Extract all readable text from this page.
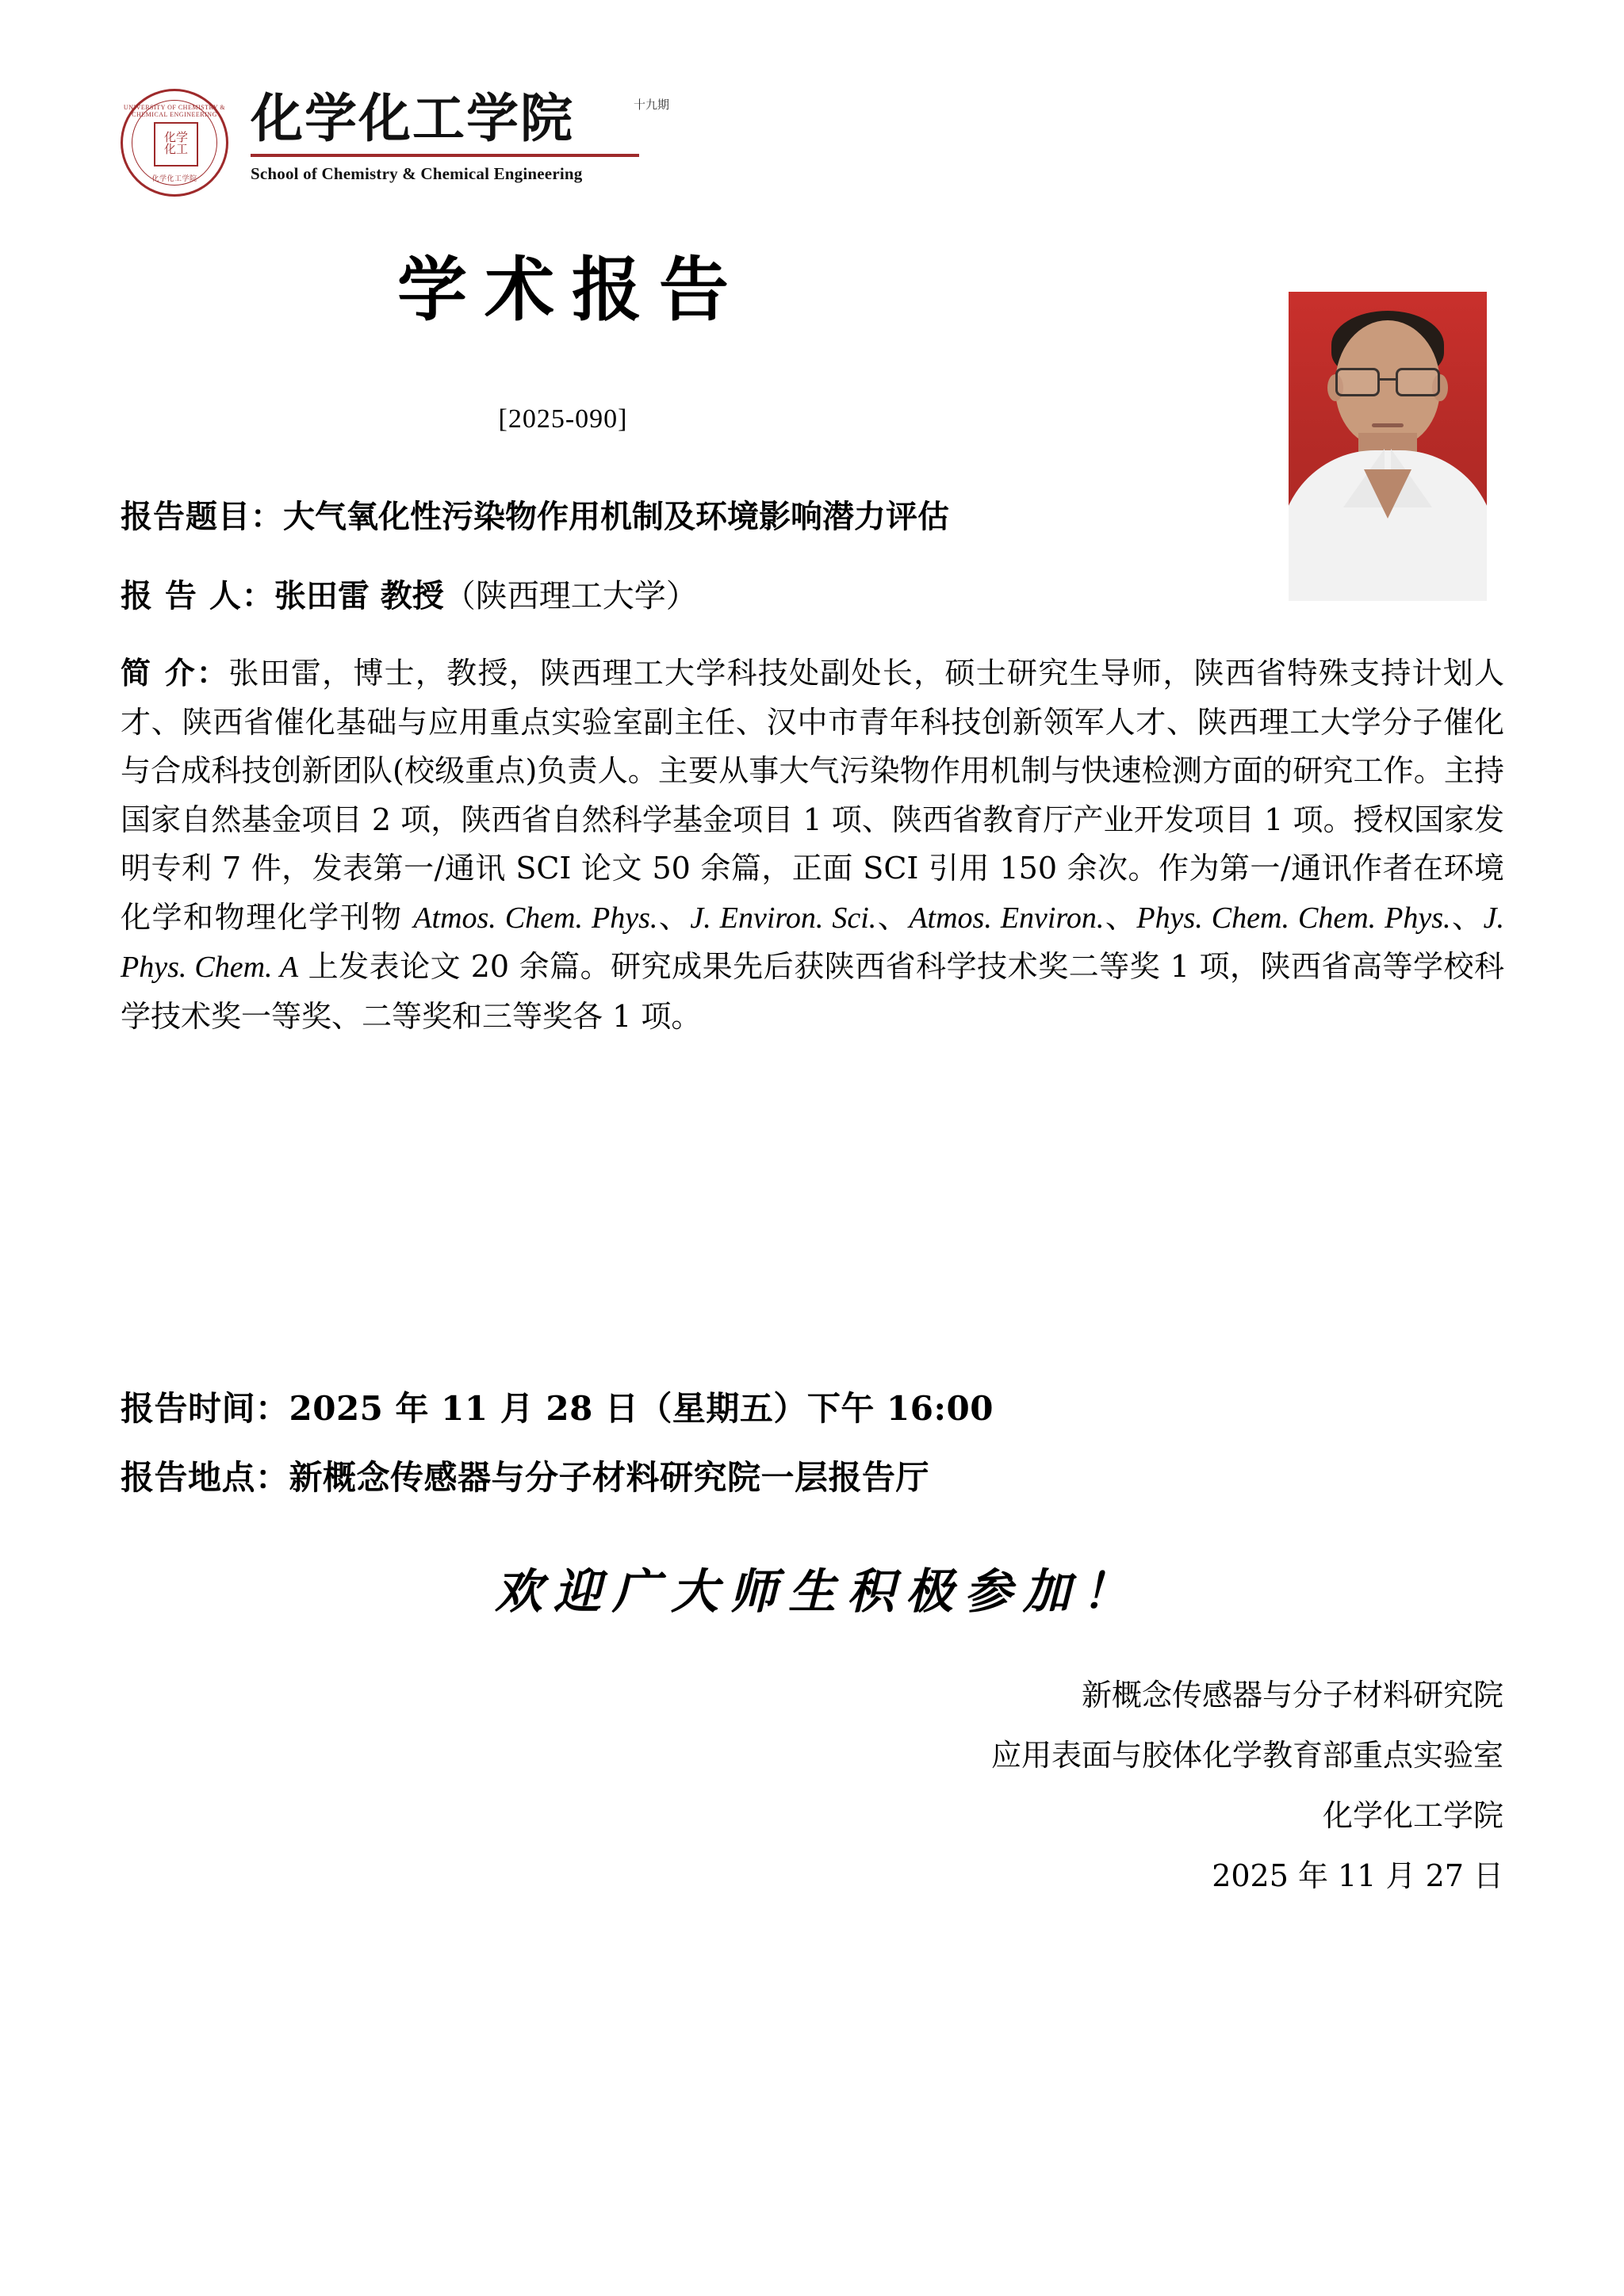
UNIVERSITY OF CHEMISTRY & CHEMICAL ENGINEERING
化学
化工
化学化工学院
化学化工学院	十九期
School of Chemistry & Chemical Engineering
学术报告
[2025-090]
报告题目：大气氧化性污染物作用机制及环境影响潜力评估
报 告 人：张田雷 教授（陕西理工大学）
简 介：张田雷，博士，教授，陕西理工大学科技处副处长，硕士研究生导师，陕西省特殊支持计划人才、陕西省催化基础与应用重点实验室副主任、汉中市青年科技创新领军人才、陕西理工大学分子催化与合成科技创新团队(校级重点)负责人。主要从事大气污染物作用机制与快速检测方面的研究工作。主持国家自然基金项目 2 项，陕西省自然科学基金项目 1 项、陕西省教育厅产业开发项目 1 项。授权国家发明专利 7 件，发表第一/通讯 SCI 论文 50 余篇，正面 SCI 引用 150 余次。作为第一/通讯作者在环境化学和物理化学刊物 Atmos. Chem. Phys.、J. Environ. Sci.、Atmos. Environ.、Phys. Chem. Chem. Phys.、J. Phys. Chem. A 上发表论文 20 余篇。研究成果先后获陕西省科学技术奖二等奖 1 项，陕西省高等学校科学技术奖一等奖、二等奖和三等奖各 1 项。
报告时间：2025 年 11 月 28 日（星期五）下午 16:00
报告地点：新概念传感器与分子材料研究院一层报告厅
欢迎广大师生积极参加！
新概念传感器与分子材料研究院
应用表面与胶体化学教育部重点实验室
化学化工学院
2025 年 11 月 27 日
